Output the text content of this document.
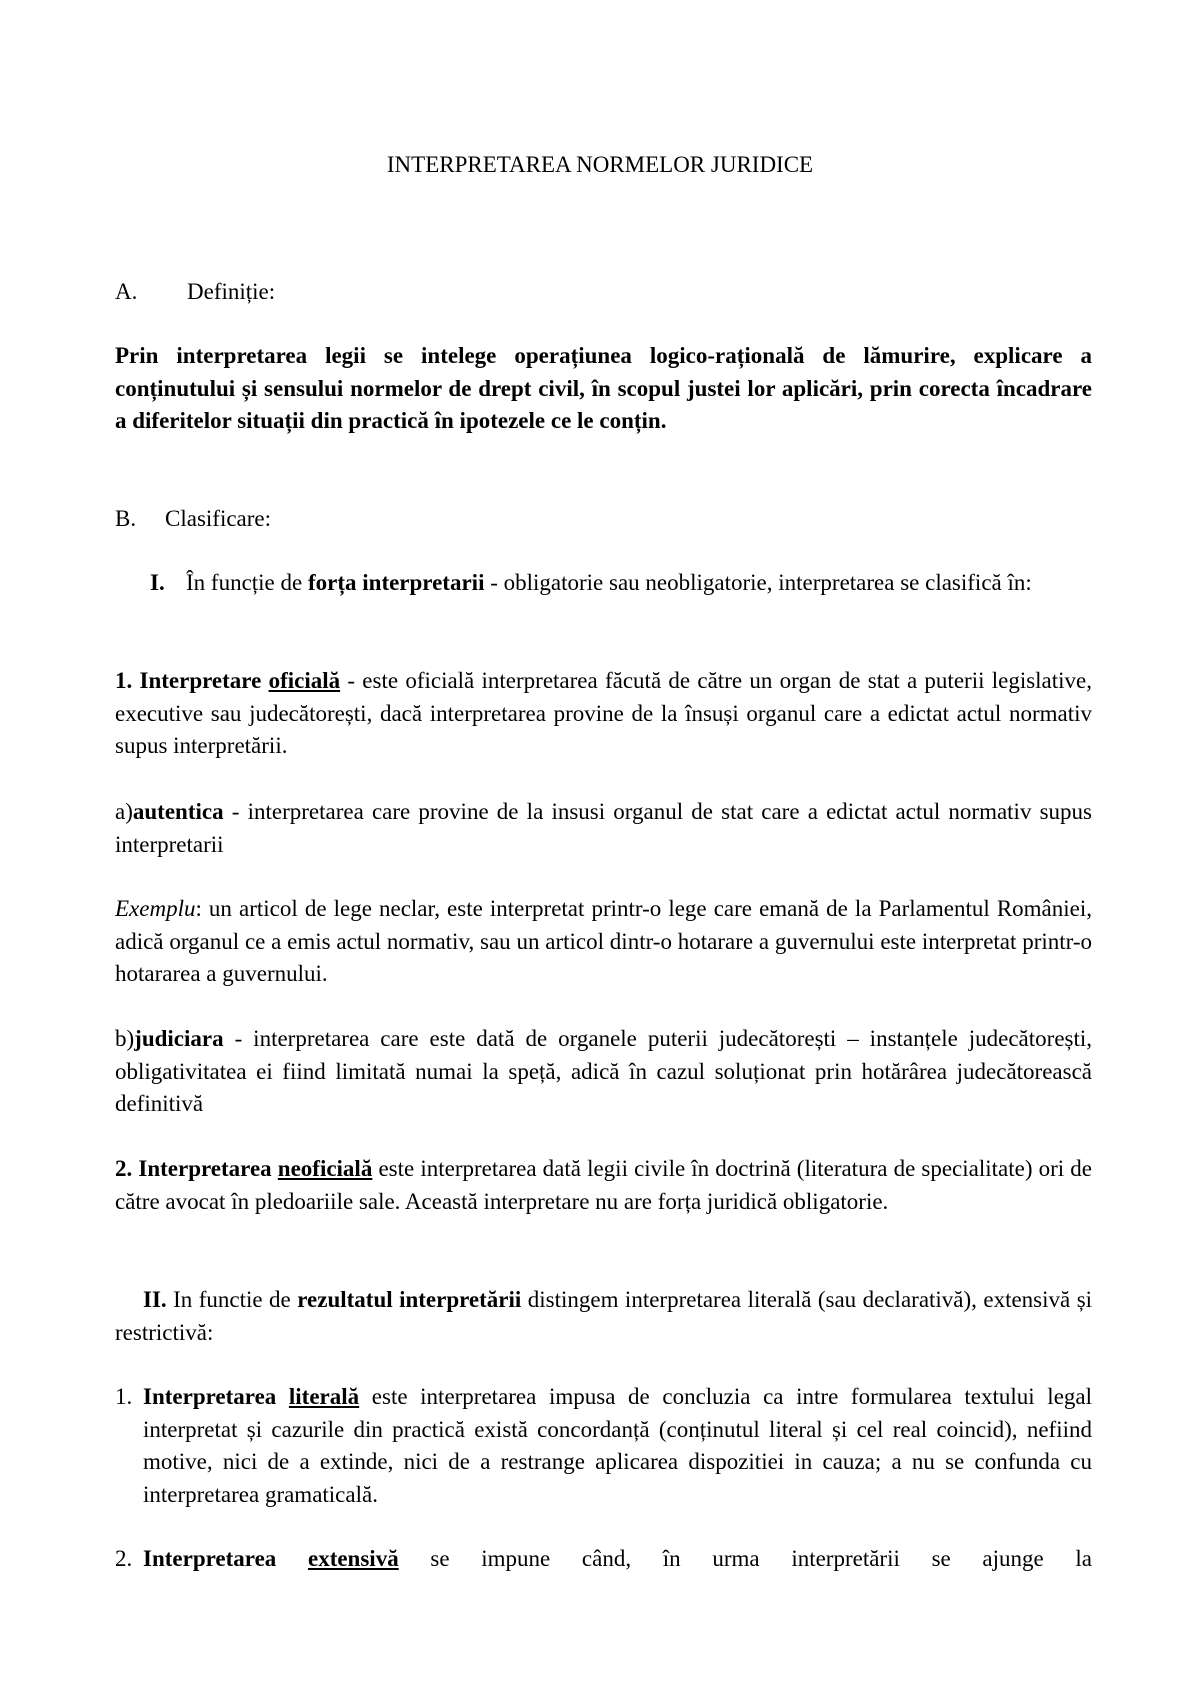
INTERPRETAREA NORMELOR JURIDICE

A. Definiție:

Prin interpretarea legii se intelege operațiunea logico-rațională de lămurire, explicare a conținutului și sensului normelor de drept civil, în scopul justei lor aplicări, prin corecta încadrare a diferitelor situații din practică în ipotezele ce le conțin.

B. Clasificare:

I. În funcție de forța interpretarii - obligatorie sau neobligatorie, interpretarea se clasifică în:

1. Interpretare oficială - este oficială interpretarea făcută de către un organ de stat a puterii legislative, executive sau judecătorești, dacă interpretarea provine de la însuși organul care a edictat actul normativ supus interpretării.

a)autentica - interpretarea care provine de la insusi organul de stat care a edictat actul normativ supus interpretarii

Exemplu: un articol de lege neclar, este interpretat printr-o lege care emană de la Parlamentul României, adică organul ce a emis actul normativ, sau un articol dintr-o hotarare a guvernului este interpretat printr-o hotararea a guvernului.

b)judiciara - interpretarea care este dată de organele puterii judecătorești – instanțele judecătorești, obligativitatea ei fiind limitată numai la speță, adică în cazul soluționat prin hotărârea judecătorească definitivă

2. Interpretarea neoficială este interpretarea dată legii civile în doctrină (literatura de specialitate) ori de către avocat în pledoariile sale. Această interpretare nu are forța juridică obligatorie.

II. In functie de rezultatul interpretării distingem interpretarea literală (sau declarativă), extensivă și restrictivă:

1. Interpretarea literală este interpretarea impusa de concluzia ca intre formularea textului legal interpretat și cazurile din practică există concordanță (conținutul literal și cel real coincid), nefiind motive, nici de a extinde, nici de a restrange aplicarea dispozitiei in cauza; a nu se confunda cu interpretarea gramaticală.
2. Interpretarea extensivă se impune când, în urma interpretării se ajunge la
